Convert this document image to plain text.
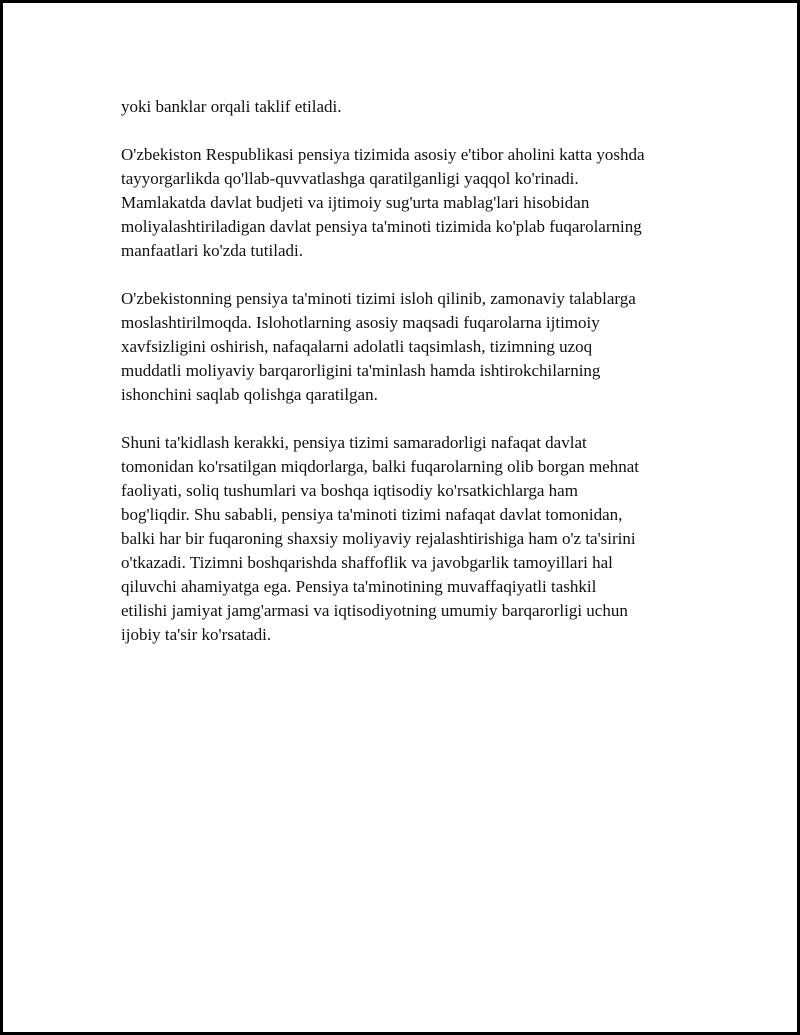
yoki banklar orqali taklif etiladi.

O'zbekiston Respublikasi pensiya tizimida asosiy e'tibor aholini katta yoshda
tayyorgarlikda qo'llab-quvvatlashga qaratilganligi yaqqol ko'rinadi.
Mamlakatda davlat budjeti va ijtimoiy sug'urta mablag'lari hisobidan
moliyalashtiriladigan davlat pensiya ta'minoti tizimida ko'plab fuqarolarning
manfaatlari ko'zda tutiladi.

O'zbekistonning pensiya ta'minoti tizimi isloh qilinib, zamonaviy talablarga
moslashtirilmoqda. Islohotlarning asosiy maqsadi fuqarolarna ijtimoiy
xavfsizligini oshirish, nafaqalarni adolatli taqsimlash, tizimning uzoq
muddatli moliyaviy barqarorligini ta'minlash hamda ishtirokchilarning
ishonchini saqlab qolishga qaratilgan.

Shuni ta'kidlash kerakki, pensiya tizimi samaradorligi nafaqat davlat
tomonidan ko'rsatilgan miqdorlarga, balki fuqarolarning olib borgan mehnat
faoliyati, soliq tushumlari va boshqa iqtisodiy ko'rsatkichlarga ham
bog'liqdir. Shu sababli, pensiya ta'minoti tizimi nafaqat davlat tomonidan,
balki har bir fuqaroning shaxsiy moliyaviy rejalashtirishiga ham o'z ta'sirini
o'tkazadi. Tizimni boshqarishda shaffoflik va javobgarlik tamoyillari hal
qiluvchi ahamiyatga ega. Pensiya ta'minotining muvaffaqiyatli tashkil
etilishi jamiyat jamg'armasi va iqtisodiyotning umumiy barqarorligi uchun
ijobiy ta'sir ko'rsatadi.
